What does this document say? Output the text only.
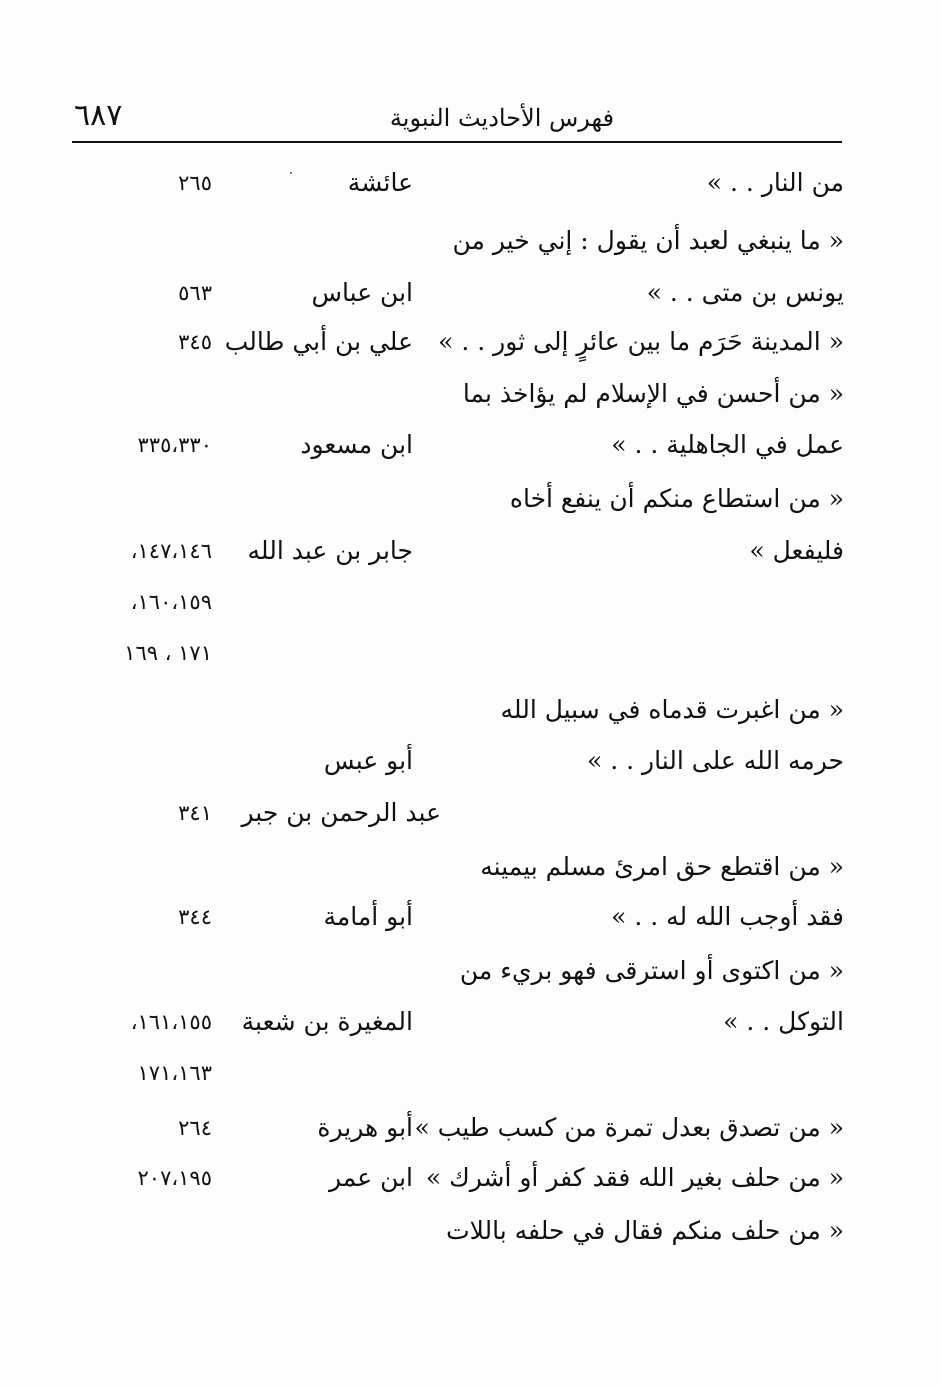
٦٨٧	فهرس الأحاديث النبوية
من النار . . »
عائشة
٢٦٥
« ما ينبغي لعبد أن يقول : إني خير من
يونس بن متى . . »
ابن عباس
٥٦٣
« المدينة حَرَم ما بين عائرٍ إلى ثور . . »
علي بن أبي طالب
٣٤٥
« من أحسن في الإسلام لم يؤاخذ بما
عمل في الجاهلية . . »
ابن مسعود
٣٣٥،٣٣٠
« من استطاع منكم أن ينفع أخاه
فليفعل »
جابر بن عبد الله
١٤٧،١٤٦،
١٦٠،١٥٩،
١٧١ ، ١٦٩
« من اغبرت قدماه في سبيل الله
حرمه الله على النار . . »
أبو عبس
عبد الرحمن بن جبر
٣٤١
« من اقتطع حق امرئ مسلم بيمينه
فقد أوجب الله له . . »
أبو أمامة
٣٤٤
« من اكتوى أو استرقى فهو بريء من
التوكل . . »
المغيرة بن شعبة
١٦١،١٥٥،
١٧١،١٦٣
« من تصدق بعدل تمرة من كسب طيب »
أبو هريرة
٢٦٤
« من حلف بغير الله فقد كفر أو أشرك »
ابن عمر
٢٠٧،١٩٥
« من حلف منكم فقال في حلفه باللات
